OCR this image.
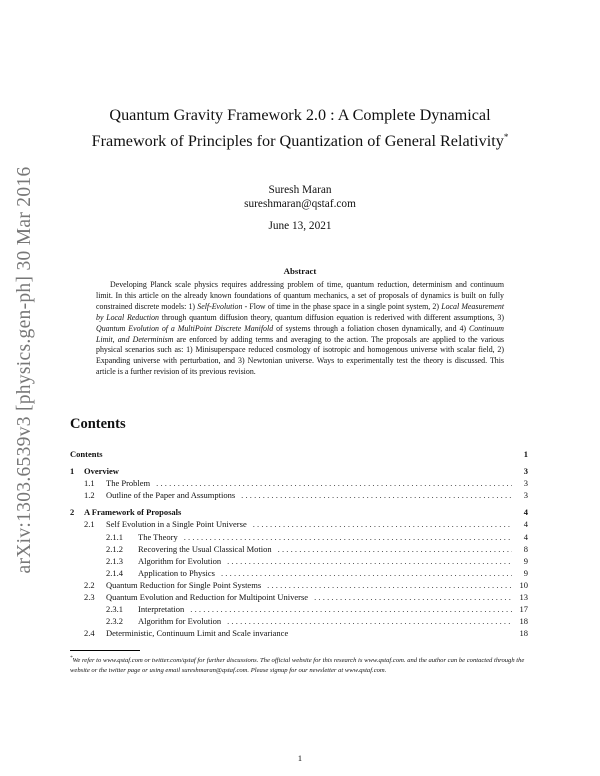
arXiv:1303.6539v3 [physics.gen-ph] 30 Mar 2016
Quantum Gravity Framework 2.0 : A Complete Dynamical
Framework of Principles for Quantization of General Relativity*
Suresh Maran
sureshmaran@qstaf.com
June 13, 2021
Abstract

Developing Planck scale physics requires addressing problem of time, quantum reduction, determinism and continuum limit. In this article on the already known foundations of quantum mechanics, a set of proposals of dynamics is built on fully constrained discrete models: 1) Self-Evolution - Flow of time in the phase space in a single point system, 2) Local Measurement by Local Reduction through quantum diffusion theory, quantum diffusion equation is rederived with different assumptions, 3) Quantum Evolution of a MultiPoint Discrete Manifold of systems through a foliation chosen dynamically, and 4) Continuum Limit, and Determinism are enforced by adding terms and averaging to the action. The proposals are applied to the various physical scenarios such as: 1) Minisuperspace reduced cosmology of isotropic and homogenous universe with scalar field, 2) Expanding universe with perturbation, and 3) Newtonian universe. Ways to experimentally test the theory is discussed. This article is a further revision of its previous revision.

Contents
Contents	1
1	Overview	3
1.1	The Problem .....	3
1.2	Outline of the Paper and Assumptions .....	3
2	A Framework of Proposals	4
2.1	Self Evolution in a Single Point Universe .....	4
2.1.1	The Theory .....	4
2.1.2	Recovering the Usual Classical Motion .....	8
2.1.3	Algorithm for Evolution .....	9
2.1.4	Application to Physics .....	9
2.2	Quantum Reduction for Single Point Systems .....	10
2.3	Quantum Evolution and Reduction for Multipoint Universe .....	13
2.3.1	Interpretation .....	17
2.3.2	Algorithm for Evolution .....	18
2.4	Deterministic, Continuum Limit and Scale invariance	18
*We refer to www.qstaf.com or twitter.com/qstaf for further discussions. The official website for this research is www.qstaf.com. and the author can be contacted through the website or the twitter page or using email sureshmaran@qstaf.com. Please signup for our newsletter at www.qstaf.com.
1
